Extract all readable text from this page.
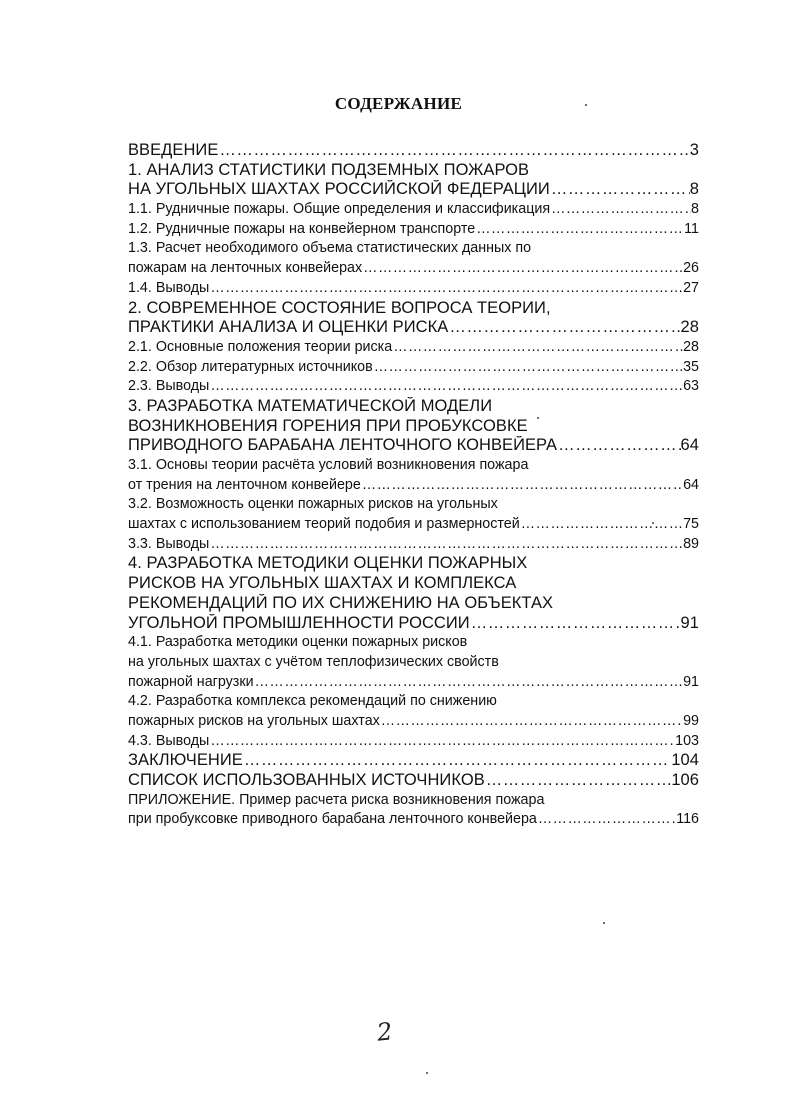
СОДЕРЖАНИЕ
ВВЕДЕНИЕ …………………………………………………………………………………………………………………………………………………………………………………………………………	3
1. АНАЛИЗ СТАТИСТИКИ ПОДЗЕМНЫХ ПОЖАРОВ
НА УГОЛЬНЫХ ШАХТАХ РОССИЙСКОЙ ФЕДЕРАЦИИ …………………………………………………………………………………………………………………………………………………………………………………………………………	8
1.1. Рудничные пожары. Общие определения и классификация …………………………………………………………………………………………………………………………………………………………………………………………………………	8
1.2. Рудничные пожары на конвейерном транспорте …………………………………………………………………………………………………………………………………………………………………………………………………………	11
1.3. Расчет необходимого объема статистических данных по
пожарам на ленточных конвейерах …………………………………………………………………………………………………………………………………………………………………………………………………………	26
1.4. Выводы …………………………………………………………………………………………………………………………………………………………………………………………………………	27
2. СОВРЕМЕННОЕ СОСТОЯНИЕ ВОПРОСА ТЕОРИИ,
ПРАКТИКИ АНАЛИЗА И ОЦЕНКИ РИСКА …………………………………………………………………………………………………………………………………………………………………………………………………………	28
2.1. Основные положения теории риска …………………………………………………………………………………………………………………………………………………………………………………………………………	28
2.2. Обзор литературных источников …………………………………………………………………………………………………………………………………………………………………………………………………………	35
2.3. Выводы …………………………………………………………………………………………………………………………………………………………………………………………………………	63
3. РАЗРАБОТКА МАТЕМАТИЧЕСКОЙ МОДЕЛИ
ВОЗНИКНОВЕНИЯ ГОРЕНИЯ ПРИ ПРОБУКСОВКЕ
ПРИВОДНОГО БАРАБАНА ЛЕНТОЧНОГО КОНВЕЙЕРА …………………………………………………………………………………………………………………………………………………………………………………………………………	64
3.1. Основы теории расчёта условий возникновения пожара
от трения на ленточном конвейере …………………………………………………………………………………………………………………………………………………………………………………………………………	64
3.2. Возможность оценки пожарных рисков на угольных
шахтах с использованием теорий подобия и размерностей …………………………………………………………………………………………………………………………………………………………………………………………………………	75
3.3. Выводы …………………………………………………………………………………………………………………………………………………………………………………………………………	89
4. РАЗРАБОТКА МЕТОДИКИ ОЦЕНКИ ПОЖАРНЫХ
РИСКОВ НА УГОЛЬНЫХ ШАХТАХ И КОМПЛЕКСА
РЕКОМЕНДАЦИЙ ПО ИХ СНИЖЕНИЮ НА ОБЪЕКТАХ
УГОЛЬНОЙ ПРОМЫШЛЕННОСТИ РОССИИ …………………………………………………………………………………………………………………………………………………………………………………………………………	91
4.1. Разработка методики оценки пожарных рисков
на угольных шахтах с учётом теплофизических свойств
пожарной нагрузки …………………………………………………………………………………………………………………………………………………………………………………………………………	91
4.2. Разработка комплекса рекомендаций по снижению
пожарных рисков на угольных шахтах …………………………………………………………………………………………………………………………………………………………………………………………………………	99
4.3. Выводы …………………………………………………………………………………………………………………………………………………………………………………………………………	103
ЗАКЛЮЧЕНИЕ …………………………………………………………………………………………………………………………………………………………………………………………………………	104
СПИСОК ИСПОЛЬЗОВАННЫХ ИСТОЧНИКОВ …………………………………………………………………………………………………………………………………………………………………………………………………………	106
ПРИЛОЖЕНИЕ. Пример расчета риска возникновения пожара
при пробуксовке приводного барабана ленточного конвейера …………………………………………………………………………………………………………………………………………………………………………………………………………	116
2
